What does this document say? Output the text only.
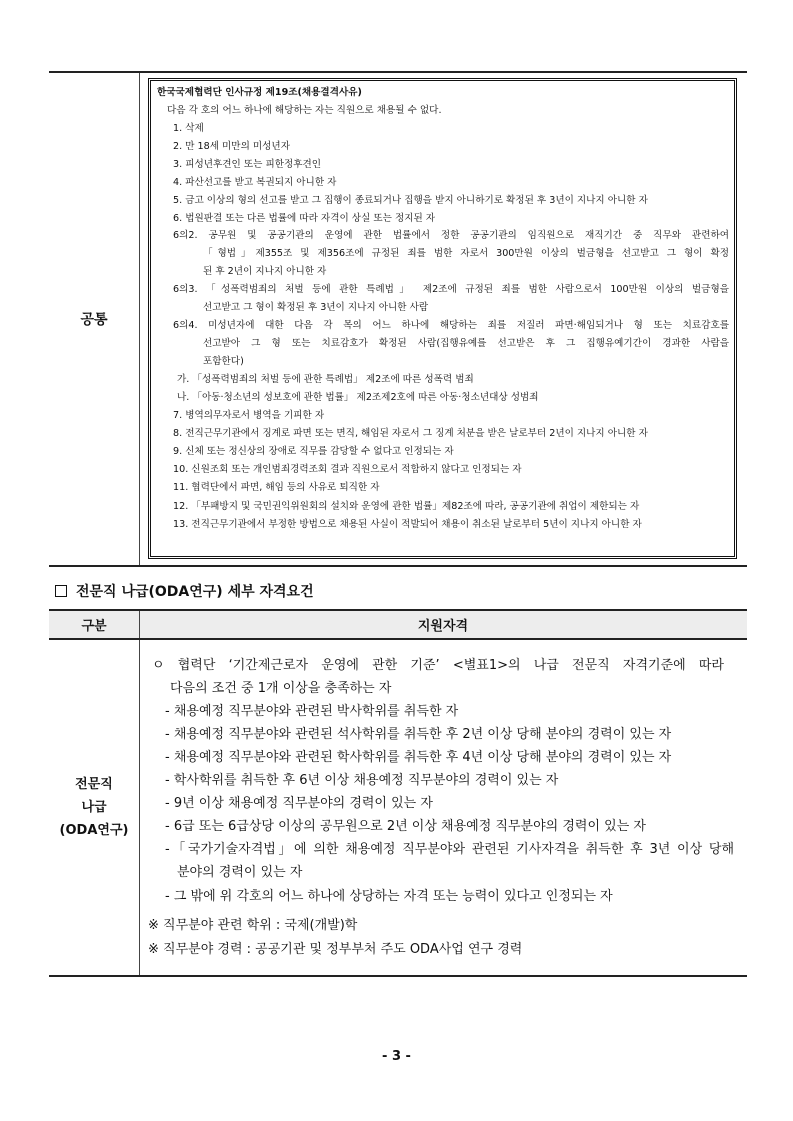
공통
한국국제협력단 인사규정 제19조(채용결격사유)
다음 각 호의 어느 하나에 해당하는 자는 직원으로 채용될 수 없다.
1. 삭제
2. 만 18세 미만의 미성년자
3. 피성년후견인 또는 피한정후견인
4. 파산선고를 받고 복권되지 아니한 자
5. 금고 이상의 형의 선고를 받고 그 집행이 종료되거나 집행을 받지 아니하기로 확정된 후 3년이 지나지 아니한 자
6. 법원판결 또는 다른 법률에 따라 자격이 상실 또는 정지된 자
6의2. 공무원 및 공공기관의 운영에 관한 법률에서 정한 공공기관의 임직원으로 재직기간 중 직무와 관련하여
「형법」제355조 및 제356조에 규정된 죄를 범한 자로서 300만원 이상의 벌금형을 선고받고 그 형이 확정
된 후 2년이 지나지 아니한 자
6의3. 「성폭력범죄의 처벌 등에 관한 특례법」 제2조에 규정된 죄를 범한 사람으로서 100만원 이상의 벌금형을
선고받고 그 형이 확정된 후 3년이 지나지 아니한 사람
6의4. 미성년자에 대한 다음 각 목의 어느 하나에 해당하는 죄를 저질러 파면·해임되거나 형 또는 치료감호를
선고받아 그 형 또는 치료감호가 확정된 사람(집행유예를 선고받은 후 그 집행유예기간이 경과한 사람을
포함한다)
가. 「성폭력범죄의 처벌 등에 관한 특례법」 제2조에 따른 성폭력 범죄
나. 「아동·청소년의 성보호에 관한 법률」 제2조제2호에 따른 아동·청소년대상 성범죄
7. 병역의무자로서 병역을 기피한 자
8. 전직근무기관에서 징계로 파면 또는 면직, 해임된 자로서 그 징계 처분을 받은 날로부터 2년이 지나지 아니한 자
9. 신체 또는 정신상의 장애로 직무를 감당할 수 없다고 인정되는 자
10. 신원조회 또는 개인범죄경력조회 결과 직원으로서 적합하지 않다고 인정되는 자
11. 협력단에서 파면, 해임 등의 사유로 퇴직한 자
12. 「부패방지 및 국민권익위원회의 설치와 운영에 관한 법률」제82조에 따라, 공공기관에 취업이 제한되는 자
13. 전직근무기관에서 부정한 방법으로 채용된 사실이 적발되어 채용이 취소된 날로부터 5년이 지나지 아니한 자
전문직 나급(ODA연구) 세부 자격요건
구분	지원자격
전문직
나급
(ODA연구)
ㅇ 협력단 ‘기간제근로자 운영에 관한 기준’ <별표1>의 나급 전문직 자격기준에 따라
다음의 조건 중 1개 이상을 충족하는 자
- 채용예정 직무분야와 관련된 박사학위를 취득한 자
- 채용예정 직무분야와 관련된 석사학위를 취득한 후 2년 이상 당해 분야의 경력이 있는 자
- 채용예정 직무분야와 관련된 학사학위를 취득한 후 4년 이상 당해 분야의 경력이 있는 자
- 학사학위를 취득한 후 6년 이상 채용예정 직무분야의 경력이 있는 자
- 9년 이상 채용예정 직무분야의 경력이 있는 자
- 6급 또는 6급상당 이상의 공무원으로 2년 이상 채용예정 직무분야의 경력이 있는 자
-「국가기술자격법」에 의한 채용예정 직무분야와 관련된 기사자격을 취득한 후 3년 이상 당해
분야의 경력이 있는 자
- 그 밖에 위 각호의 어느 하나에 상당하는 자격 또는 능력이 있다고 인정되는 자
※ 직무분야 관련 학위 : 국제(개발)학
※ 직무분야 경력 : 공공기관 및 정부부처 주도 ODA사업 연구 경력
- 3 -
